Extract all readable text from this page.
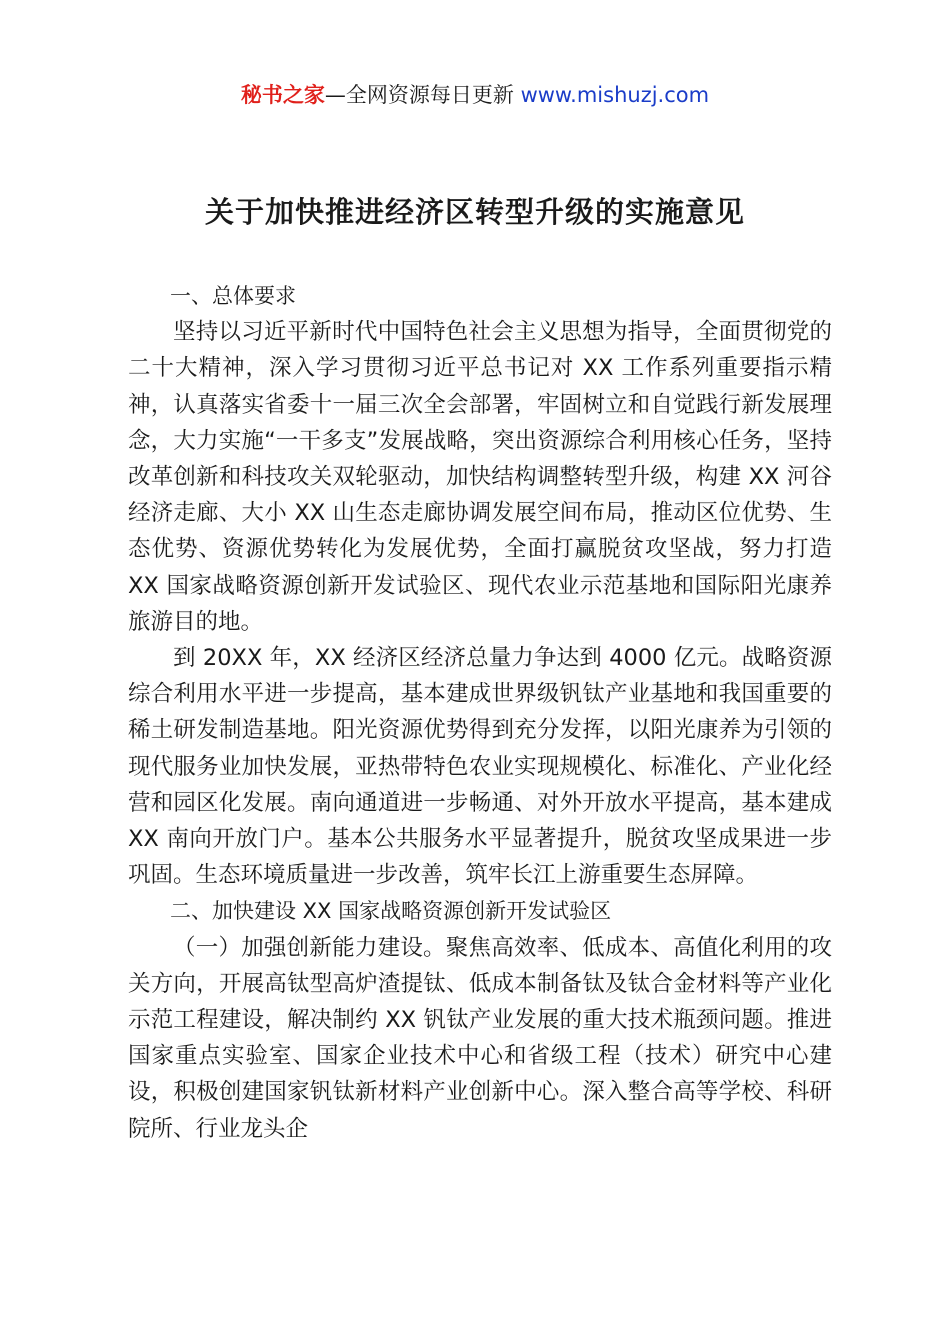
秘书之家—全网资源每日更新 www.mishuzj.com
关于加快推进经济区转型升级的实施意见

一、总体要求

坚持以习近平新时代中国特色社会主义思想为指导，全面贯彻党的二十大精神，深入学习贯彻习近平总书记对 XX 工作系列重要指示精神，认真落实省委十一届三次全会部署，牢固树立和自觉践行新发展理念，大力实施“一干多支”发展战略，突出资源综合利用核心任务，坚持改革创新和科技攻关双轮驱动，加快结构调整转型升级，构建 XX 河谷经济走廊、大小 XX 山生态走廊协调发展空间布局，推动区位优势、生态优势、资源优势转化为发展优势，全面打赢脱贫攻坚战，努力打造 XX 国家战略资源创新开发试验区、现代农业示范基地和国际阳光康养旅游目的地。

到 20XX 年，XX 经济区经济总量力争达到 4000 亿元。战略资源综合利用水平进一步提高，基本建成世界级钒钛产业基地和我国重要的稀土研发制造基地。阳光资源优势得到充分发挥，以阳光康养为引领的现代服务业加快发展，亚热带特色农业实现规模化、标准化、产业化经营和园区化发展。南向通道进一步畅通、对外开放水平提高，基本建成 XX 南向开放门户。基本公共服务水平显著提升，脱贫攻坚成果进一步巩固。生态环境质量进一步改善，筑牢长江上游重要生态屏障。

二、加快建设 XX 国家战略资源创新开发试验区

（一）加强创新能力建设。聚焦高效率、低成本、高值化利用的攻关方向，开展高钛型高炉渣提钛、低成本制备钛及钛合金材料等产业化示范工程建设，解决制约 XX 钒钛产业发展的重大技术瓶颈问题。推进国家重点实验室、国家企业技术中心和省级工程（技术）研究中心建设，积极创建国家钒钛新材料产业创新中心。深入整合高等学校、科研院所、行业龙头企
